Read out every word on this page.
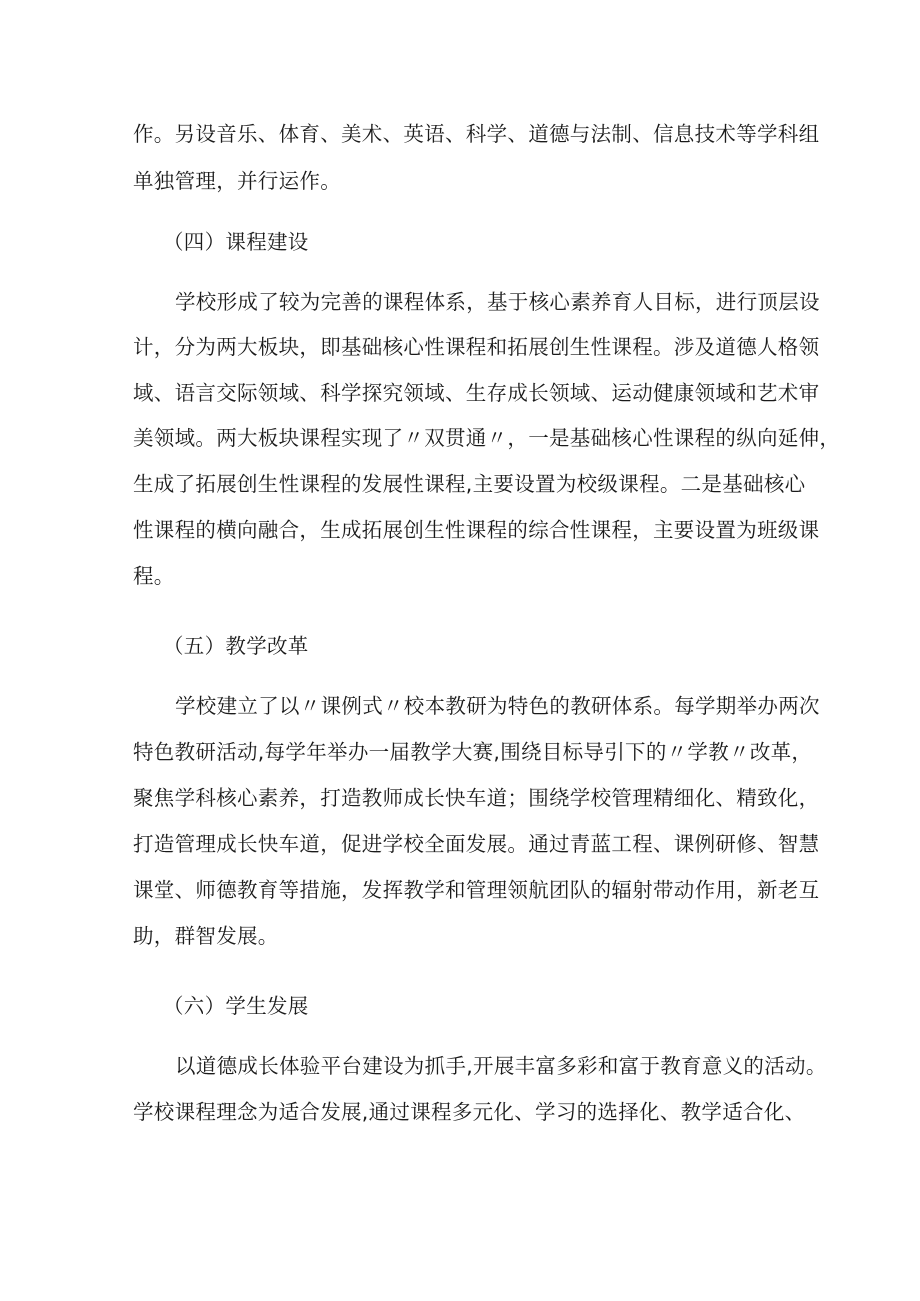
作。另设音乐、体育、美术、英语、科学、道德与法制、信息技术等学科组
单独管理，并行运作。
（四）课程建设
学校形成了较为完善的课程体系，基于核心素养育人目标，进行顶层设
计，分为两大板块，即基础核心性课程和拓展创生性课程。涉及道德人格领
域、语言交际领域、科学探究领域、生存成长领域、运动健康领域和艺术审
美领域。两大板块课程实现了〃双贯通〃，一是基础核心性课程的纵向延伸，
生成了拓展创生性课程的发展性课程,主要设置为校级课程。二是基础核心
性课程的横向融合，生成拓展创生性课程的综合性课程，主要设置为班级课
程。
（五）教学改革
学校建立了以〃课例式〃校本教研为特色的教研体系。每学期举办两次
特色教研活动,每学年举办一届教学大赛,围绕目标导引下的〃学教〃改革，
聚焦学科核心素养，打造教师成长快车道；围绕学校管理精细化、精致化，
打造管理成长快车道，促进学校全面发展。通过青蓝工程、课例研修、智慧
课堂、师德教育等措施，发挥教学和管理领航团队的辐射带动作用，新老互
助，群智发展。
（六）学生发展
以道德成长体验平台建设为抓手,开展丰富多彩和富于教育意义的活动。
学校课程理念为适合发展,通过课程多元化、学习的选择化、教学适合化、
